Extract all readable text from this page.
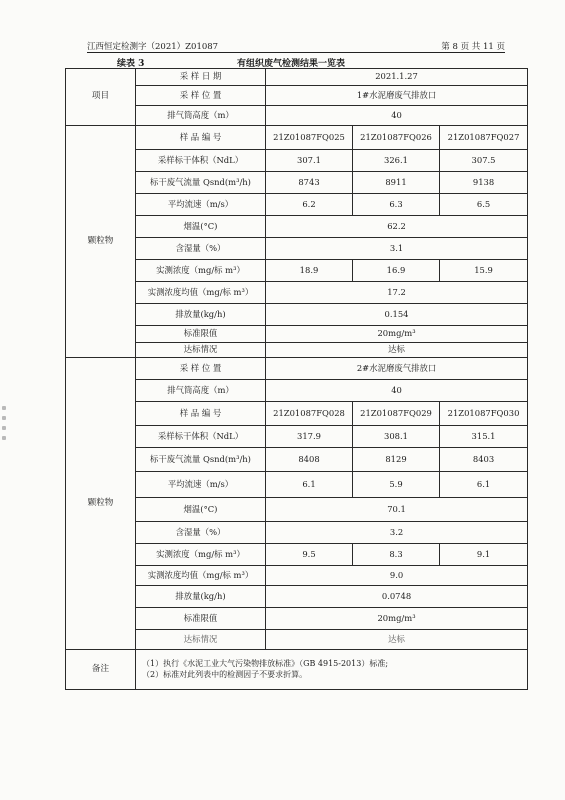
江西恒定检测字（2021）Z01087	第 8 页 共 11 页
续表 3	有组织废气检测结果一览表
项目	采 样 日 期	2021.1.27		
	采 样 位 置	1#水泥磨废气排放口		
	排气筒高度（m）	40		
颗粒物	样 品 编 号	21Z01087FQ025	21Z01087FQ026	21Z01087FQ027
	采样标干体积（NdL）	307.1	326.1	307.5
	标干废气流量 Qsnd(m³/h)	8743	8911	9138
	平均流速（m/s）	6.2	6.3	6.5
	烟温(°C)	62.2		
	含湿量（%）	3.1		
	实测浓度（mg/标 m³）	18.9	16.9	15.9
	实测浓度均值（mg/标 m³）	17.2		
	排放量(kg/h)	0.154		
	标准限值	20mg/m³		
	达标情况	达标		
颗粒物	采 样 位 置	2#水泥磨废气排放口		
	排气筒高度（m）	40		
	样 品 编 号	21Z01087FQ028	21Z01087FQ029	21Z01087FQ030
	采样标干体积（NdL）	317.9	308.1	315.1
	标干废气流量 Qsnd(m³/h)	8408	8129	8403
	平均流速（m/s）	6.1	5.9	6.1
	烟温(°C)	70.1		
	含湿量（%）	3.2		
	实测浓度（mg/标 m³）	9.5	8.3	9.1
	实测浓度均值（mg/标 m³）	9.0		
	排放量(kg/h)	0.0748		
	标准限值	20mg/m³		
	达标情况	达标		
备注	（1）执行《水泥工业大气污染物排放标准》（GB 4915-2013）标准;
（2）标准对此列表中的检测因子不要求折算。			
